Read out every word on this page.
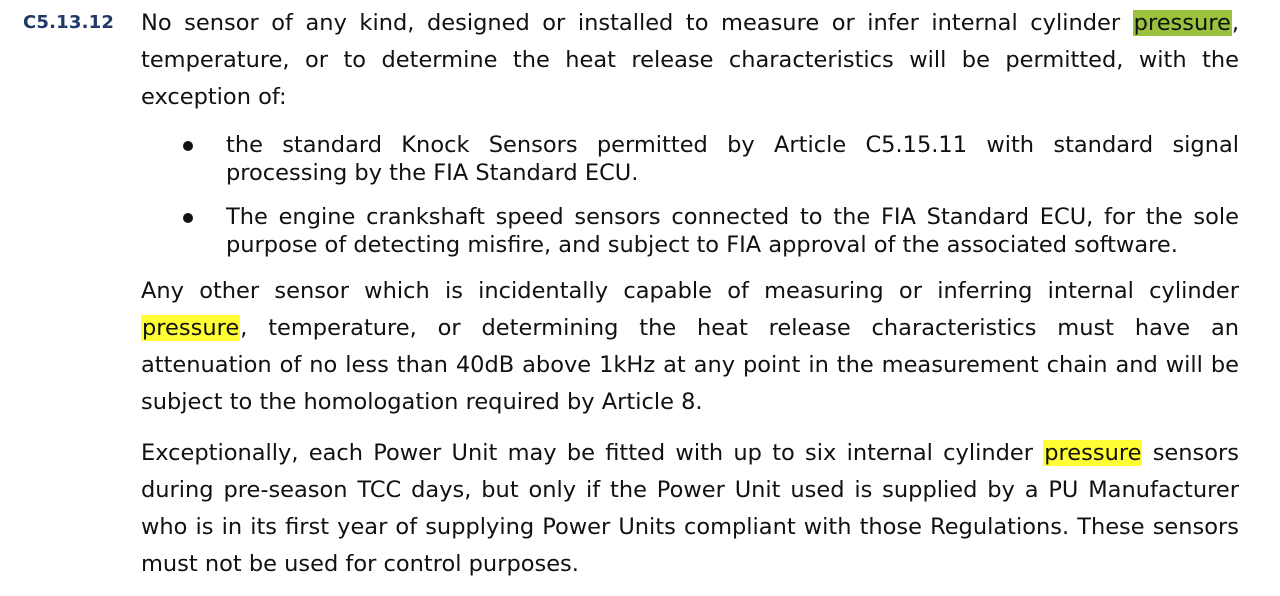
C5.13.12 No sensor of any kind, designed or installed to measure or infer internal cylinder pressure, temperature, or to determine the heat release characteristics will be permitted, with the exception of:

the standard Knock Sensors permitted by Article C5.15.11 with standard signal processing by the FIA Standard ECU.
The engine crankshaft speed sensors connected to the FIA Standard ECU, for the sole purpose of detecting misfire, and subject to FIA approval of the associated software.

Any other sensor which is incidentally capable of measuring or inferring internal cylinder pressure, temperature, or determining the heat release characteristics must have an attenuation of no less than 40dB above 1kHz at any point in the measurement chain and will be subject to the homologation required by Article 8.

Exceptionally, each Power Unit may be fitted with up to six internal cylinder pressure sensors during pre-season TCC days, but only if the Power Unit used is supplied by a PU Manufacturer who is in its first year of supplying Power Units compliant with those Regulations. These sensors must not be used for control purposes.
